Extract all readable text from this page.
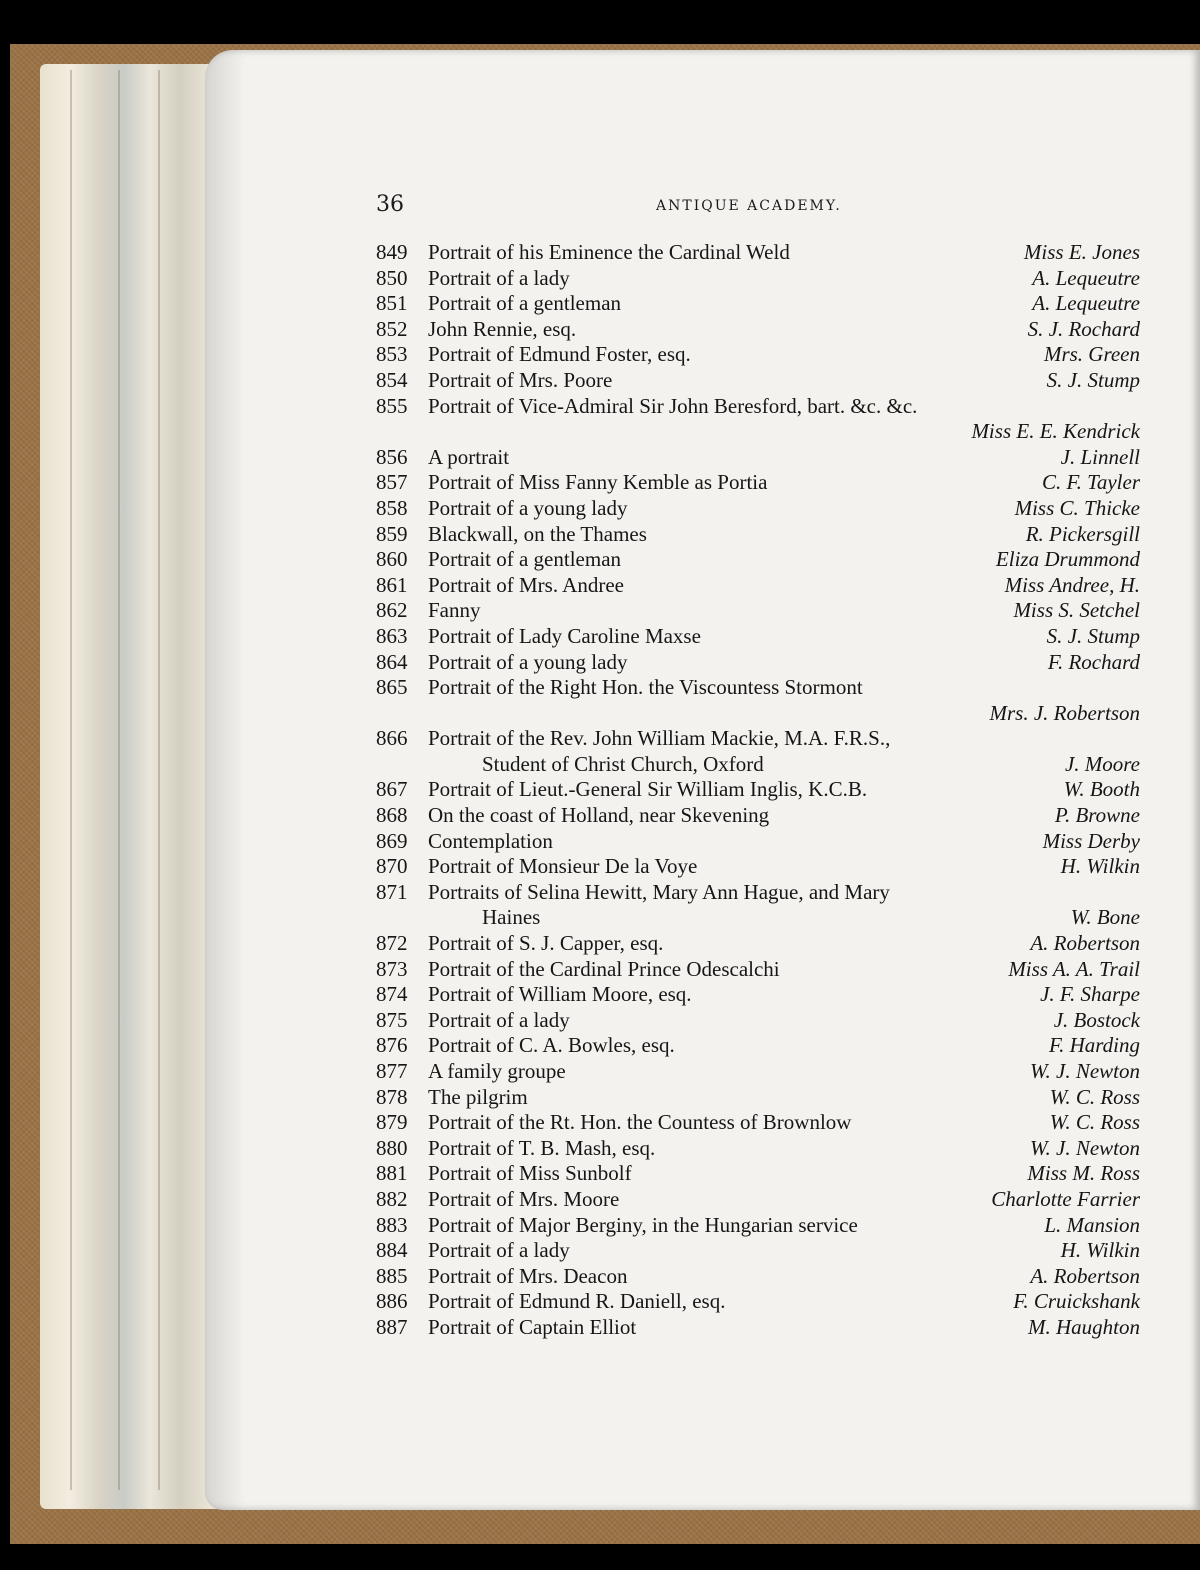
36	ANTIQUE ACADEMY.
849 Portrait of his Eminence the Cardinal Weld	Miss E. Jones
850 Portrait of a lady	A. Lequeutre
851 Portrait of a gentleman	A. Lequeutre
852 John Rennie, esq.	S. J. Rochard
853 Portrait of Edmund Foster, esq.	Mrs. Green
854 Portrait of Mrs. Poore	S. J. Stump
855 Portrait of Vice-Admiral Sir John Beresford, bart. &c. &c.
Miss E. E. Kendrick
856 A portrait	J. Linnell
857 Portrait of Miss Fanny Kemble as Portia	C. F. Tayler
858 Portrait of a young lady	Miss C. Thicke
859 Blackwall, on the Thames	R. Pickersgill
860 Portrait of a gentleman	Eliza Drummond
861 Portrait of Mrs. Andree	Miss Andree, H.
862 Fanny	Miss S. Setchel
863 Portrait of Lady Caroline Maxse	S. J. Stump
864 Portrait of a young lady	F. Rochard
865 Portrait of the Right Hon. the Viscountess Stormont
Mrs. J. Robertson
866 Portrait of the Rev. John William Mackie, M.A. F.R.S.,
Student of Christ Church, Oxford	J. Moore
867 Portrait of Lieut.-General Sir William Inglis, K.C.B.	W. Booth
868 On the coast of Holland, near Skevening	P. Browne
869 Contemplation	Miss Derby
870 Portrait of Monsieur De la Voye	H. Wilkin
871 Portraits of Selina Hewitt, Mary Ann Hague, and Mary
Haines	W. Bone
872 Portrait of S. J. Capper, esq.	A. Robertson
873 Portrait of the Cardinal Prince Odescalchi	Miss A. A. Trail
874 Portrait of William Moore, esq.	J. F. Sharpe
875 Portrait of a lady	J. Bostock
876 Portrait of C. A. Bowles, esq.	F. Harding
877 A family groupe	W. J. Newton
878 The pilgrim	W. C. Ross
879 Portrait of the Rt. Hon. the Countess of Brownlow	W. C. Ross
880 Portrait of T. B. Mash, esq.	W. J. Newton
881 Portrait of Miss Sunbolf	Miss M. Ross
882 Portrait of Mrs. Moore	Charlotte Farrier
883 Portrait of Major Berginy, in the Hungarian service	L. Mansion
884 Portrait of a lady	H. Wilkin
885 Portrait of Mrs. Deacon	A. Robertson
886 Portrait of Edmund R. Daniell, esq.	F. Cruickshank
887 Portrait of Captain Elliot	M. Haughton
